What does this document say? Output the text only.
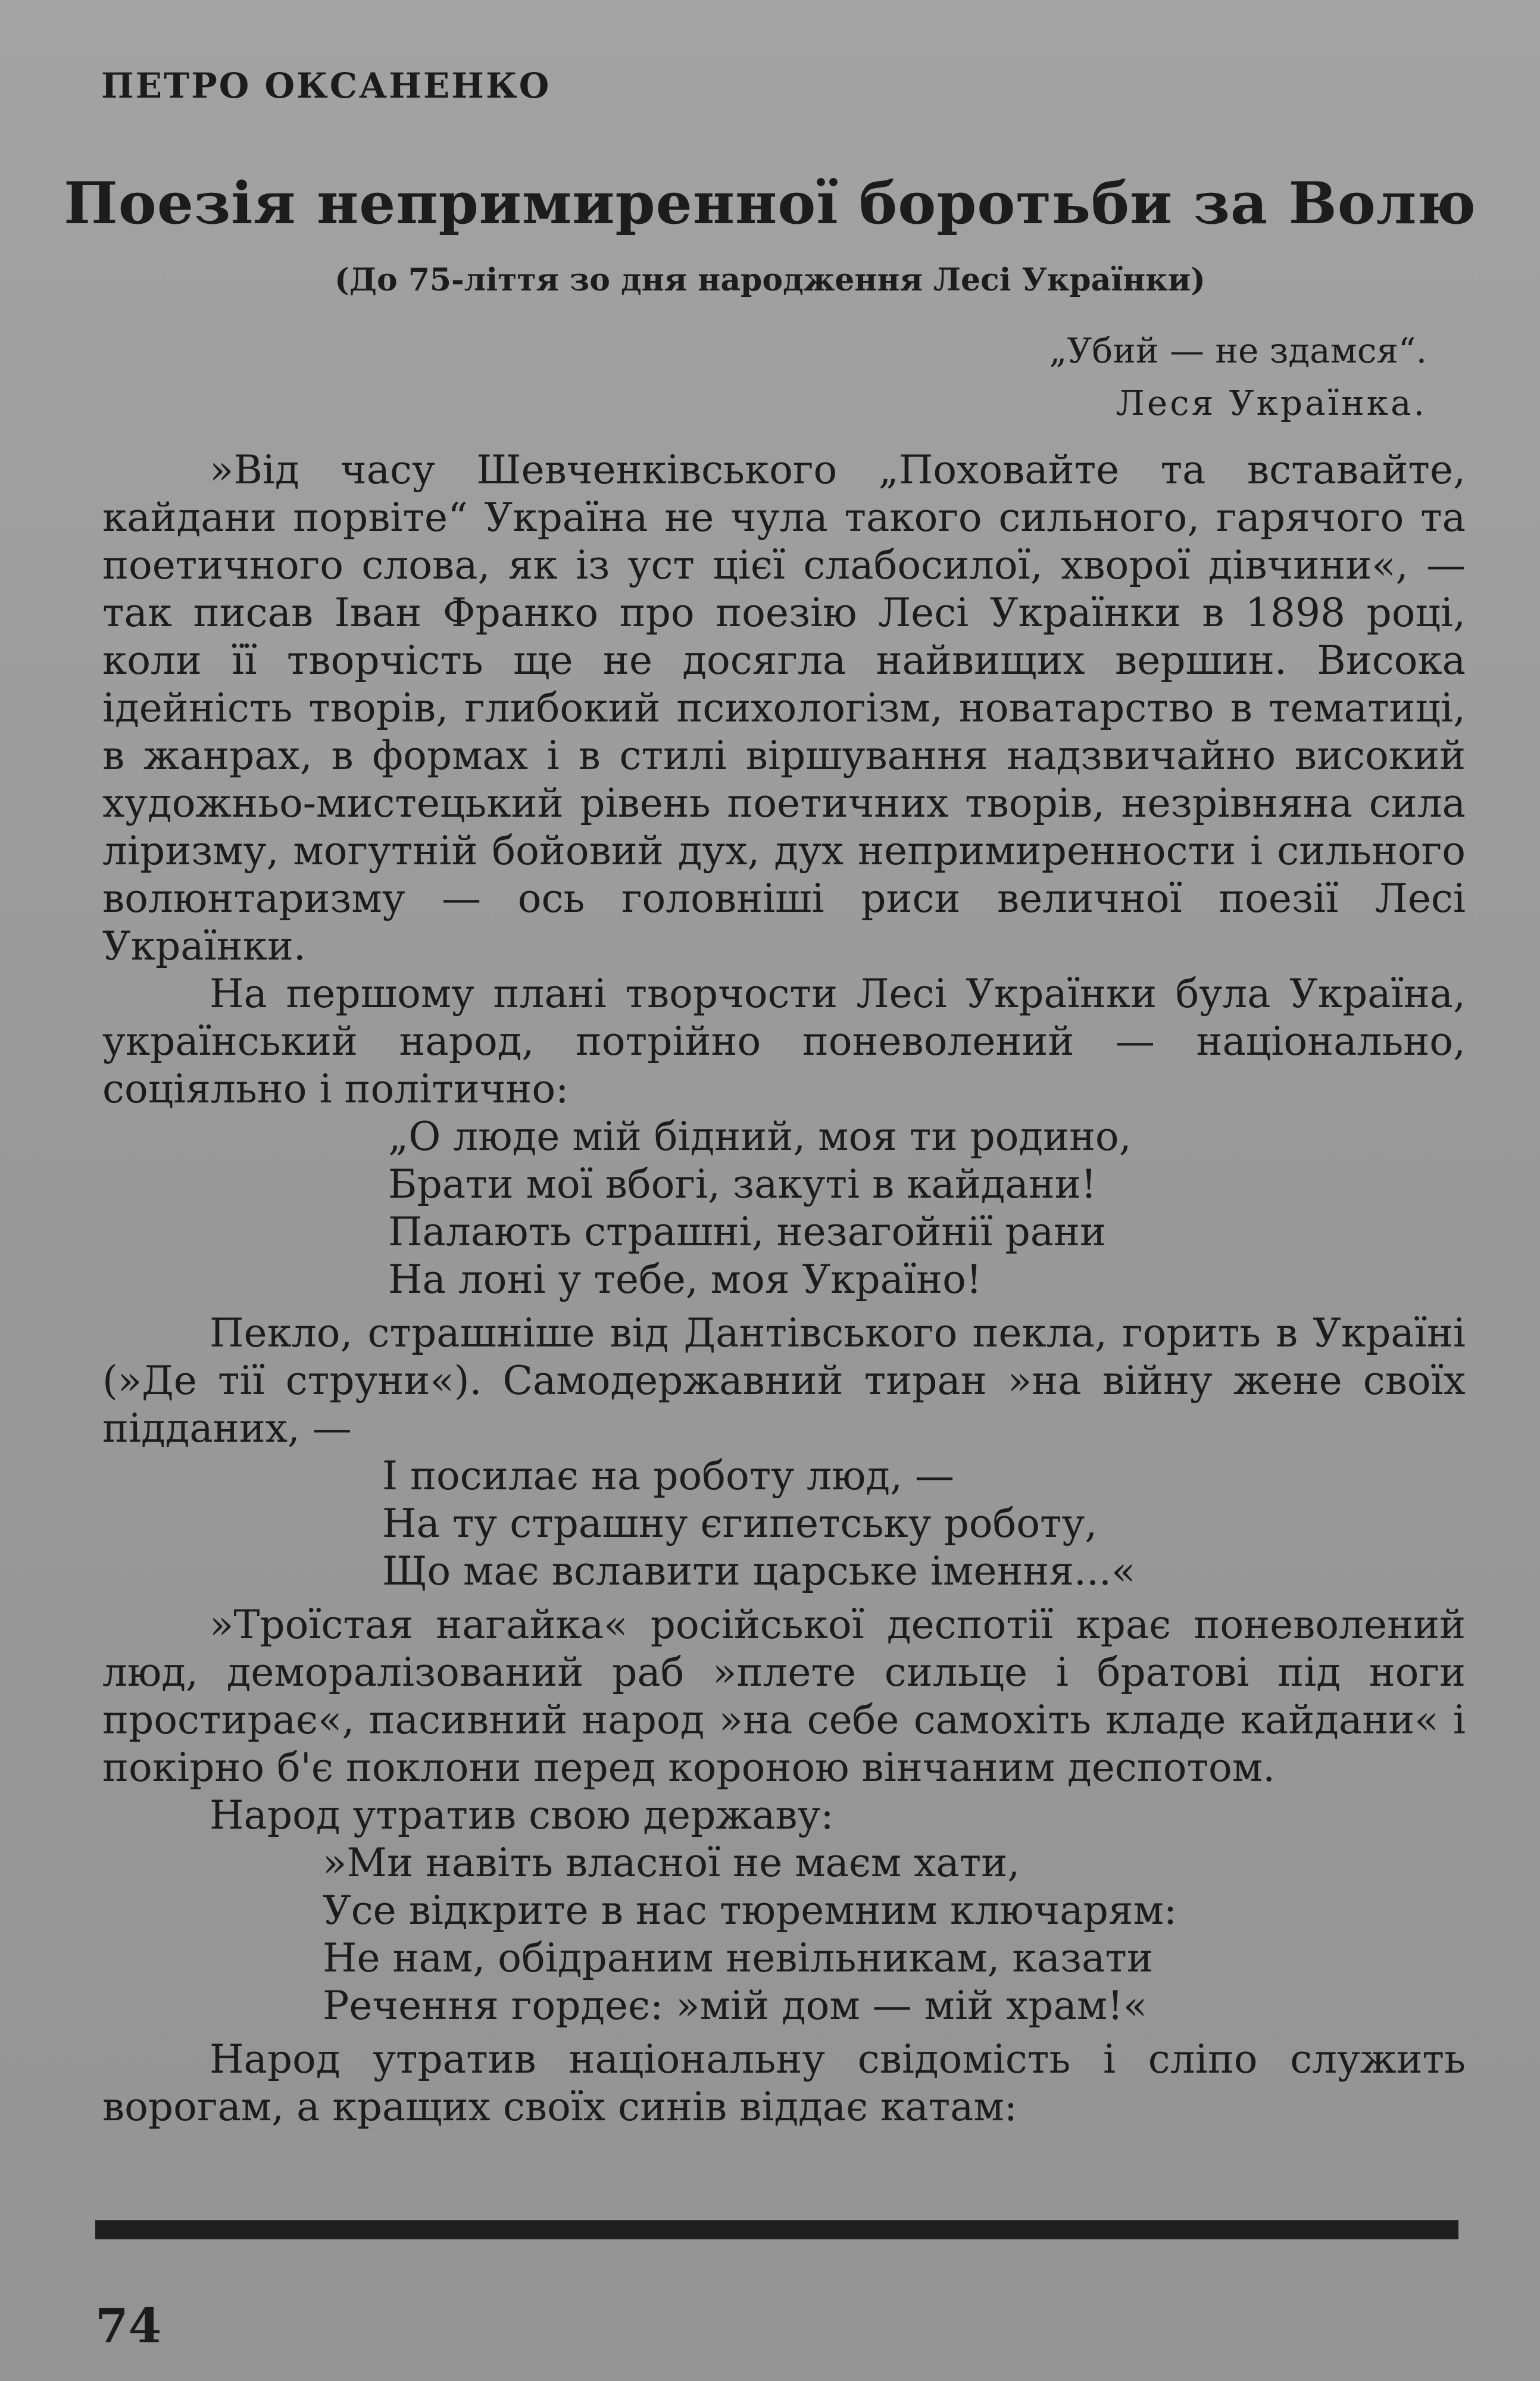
ПЕТРО ОКСАНЕНКО
Поезія непримиренної боротьби за Волю
(До 75-ліття зо дня народження Лесі Українки)
„Убий — не здамся“.
Леся Українка.

»Від часу Шевченківського „Поховайте та вставайте, кайдани порвіте“ Україна не чула такого сильного, гарячого та поетичного слова, як із уст цієї слабосилої, хворої дівчини«, — так писав Іван Франко про поезію Лесі Українки в 1898 році, коли її творчість ще не досягла найвищих вершин. Висока ідейність творів, глибокий психологізм, новатарство в тематиці, в жанрах, в формах і в стилі віршування надзвичайно високий художньо-мистецький рівень поетичних творів, незрівняна сила ліризму, могутній бойовий дух, дух непримиренности і сильного волюнтаризму — ось головніші риси величної поезії Лесі Українки.

На першому плані творчости Лесі Українки була Україна, український народ, потрійно поневолений — національно, соціяльно і політично:

„О люде мій бідний, моя ти родино,
Брати мої вбогі, закуті в кайдани!
Палають страшні, незагойнії рани
На лоні у тебе, моя Україно!

Пекло, страшніше від Дантівського пекла, горить в Україні (»Де тії струни«). Самодержавний тиран »на війну жене своїх підданих, —

І посилає на роботу люд, —
На ту страшну єгипетську роботу,
Що має вславити царське імення...«

»Троїстая нагайка« російської деспотії крає поневолений люд, деморалізований раб »плете сильце і братові під ноги простирає«, пасивний народ »на себе самохіть кладе кайдани« і покірно б'є поклони перед короною вінчаним деспотом.

Народ утратив свою державу:

»Ми навіть власної не маєм хати,
Усе відкрите в нас тюремним ключарям:
Не нам, обідраним невільникам, казати
Речення гордеє: »мій дом — мій храм!«

Народ утратив національну свідомість і сліпо служить ворогам, а кращих своїх синів віддає катам:

74
